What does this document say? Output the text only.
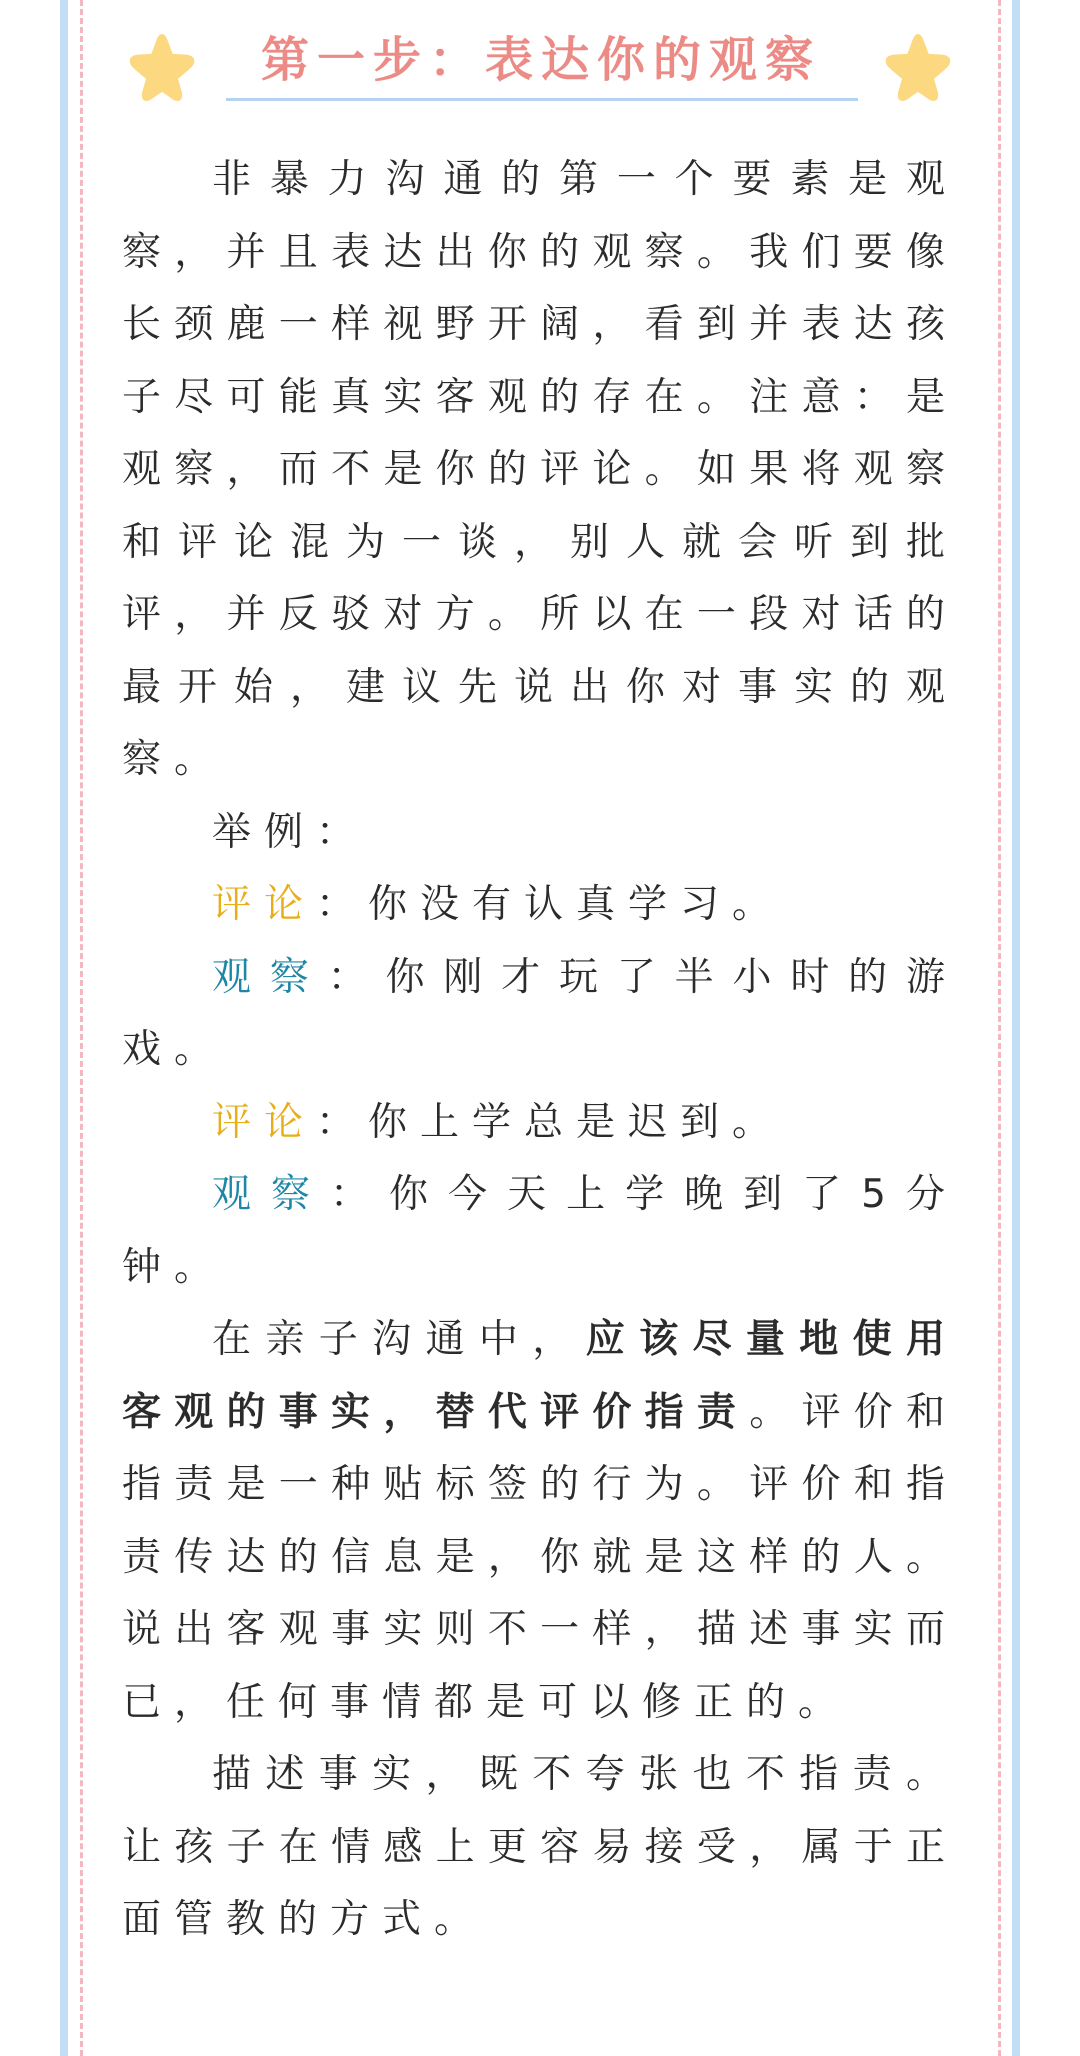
第一步：表达你的观察

非暴力沟通的第一个要素是观察，并且表达出你的观察。我们要像长颈鹿一样视野开阔，看到并表达孩子尽可能真实客观的存在。注意：是观察，而不是你的评论。如果将观察和评论混为一谈，别人就会听到批评，并反驳对方。所以在一段对话的最开始，建议先说出你对事实的观察。

举例：

评论：你没有认真学习。

观察：你刚才玩了半小时的游戏。

评论：你上学总是迟到。

观察：你今天上学晚到了5分钟。

在亲子沟通中，应该尽量地使用客观的事实，替代评价指责。评价和指责是一种贴标签的行为。评价和指责传达的信息是，你就是这样的人。说出客观事实则不一样，描述事实而已，任何事情都是可以修正的。

描述事实，既不夸张也不指责。让孩子在情感上更容易接受，属于正面管教的方式。
